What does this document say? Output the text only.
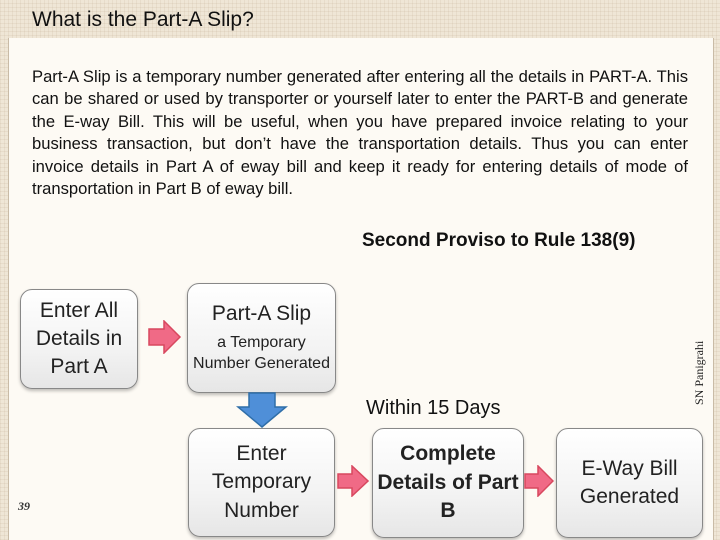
What is the Part-A Slip?
Part-A Slip is a temporary number generated after entering all the details in PART-A. This can be shared or used by transporter or yourself later to enter the PART-B and generate the E-way Bill. This will be useful, when you have prepared invoice relating to your business transaction, but don’t have the transportation details. Thus you can enter invoice details in Part A of eway bill and keep it ready for entering details of mode of transportation in Part B of eway bill.
Second Proviso to Rule 138(9)
SN Panigrahi
39
Enter All Details in Part A
Part-A Slip
a Temporary Number Generated
Within 15 Days
Enter Temporary Number
Complete Details of Part B
E-Way Bill Generated
